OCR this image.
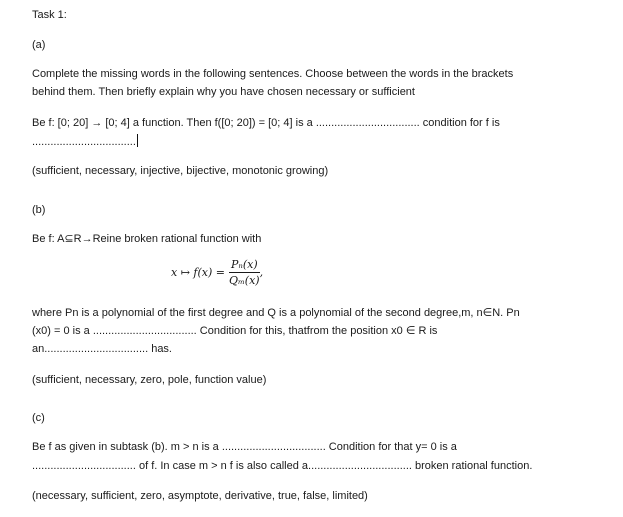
Task 1:
(a)
Complete the missing words in the following sentences. Choose between the words in the brackets
behind them. Then briefly explain why you have chosen necessary or sufficient
Be f: [0; 20] → [0; 4] a function. Then f([0; 20]) = [0; 4] is a .................................. condition for f is
..................................
(sufficient, necessary, injective, bijective, monotonic growing)
(b)
Be f: A⊆R→Reine broken rational function with
x ↦ $f(x) = \frac{\text{Pₙ(x)}}{\text{Qₘ(x)}}$ ,
where Pn is a polynomial of the first degree and Q is a polynomial of the second degree,m, n∈N. Pn
(x0) = 0 is a .................................. Condition for this, thatfrom the position x0 ∈ R is
an.................................. has.
(sufficient, necessary, zero, pole, function value)
(c)
Be f as given in subtask (b). m > n is a .................................. Condition for that y= 0 is a
.................................. of f. In case m > n f is also called a.................................. broken rational function.
(necessary, sufficient, zero, asymptote, derivative, true, false, limited)
